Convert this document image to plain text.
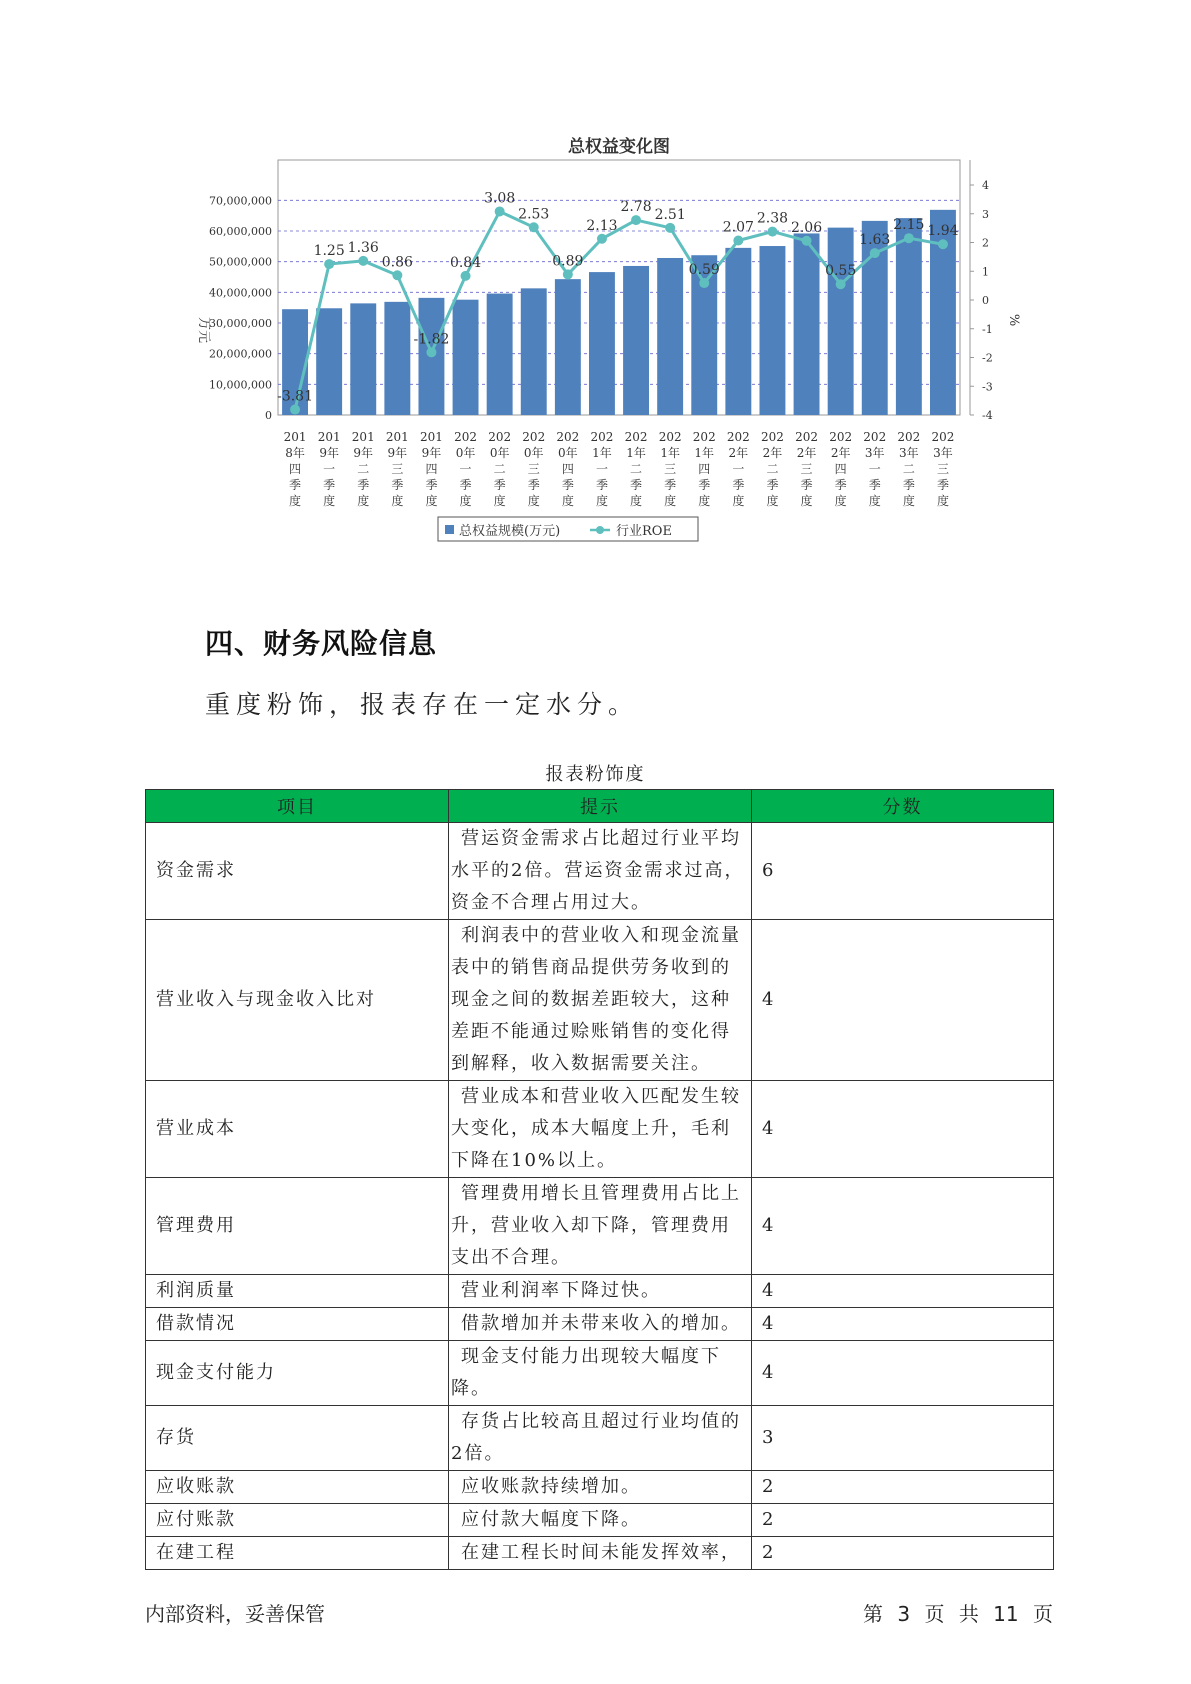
总权益变化图
0
10,000,000
20,000,000
30,000,000
40,000,000
50,000,000
60,000,000
70,000,000
-4
-3
-2
-1
0
1
2
3
4
万元	%
-3.81
1.25 1.36
0.86
-1.82
0.84
3.08
2.53
0.89
2.13
2.78 2.51
0.59
2.07
2.38
2.06
0.55
1.63
2.15 1.94
201
8年
四
季
度
201
9年
一
季
度
201
9年
二
季
度
201
9年
三
季
度
201
9年
四
季
度
202
0年
一
季
度
202
0年
二
季
度
202
0年
三
季
度
202
0年
四
季
度
202
1年
一
季
度
202
1年
二
季
度
202
1年
三
季
度
202
1年
四
季
度
202
2年
一
季
度
202
2年
二
季
度
202
2年
三
季
度
202
2年
四
季
度
202
3年
一
季
度
202
3年
二
季
度
202
3年
三
季
度
总权益规模(万元)	行业ROE
四、财务风险信息
重度粉饰，报表存在一定水分。
报表粉饰度
项目	提示	分数
资金需求	营运资金需求占比超过行业平均水平的2倍。营运资金需求过高，资金不合理占用过大。	6
营业收入与现金收入比对	利润表中的营业收入和现金流量表中的销售商品提供劳务收到的现金之间的数据差距较大，这种差距不能通过赊账销售的变化得到解释，收入数据需要关注。	4
营业成本	营业成本和营业收入匹配发生较大变化，成本大幅度上升，毛利下降在10%以上。	4
管理费用	管理费用增长且管理费用占比上升，营业收入却下降，管理费用支出不合理。	4
利润质量	营业利润率下降过快。	4
借款情况	借款增加并未带来收入的增加。	4
现金支付能力	现金支付能力出现较大幅度下降。	4
存货	存货占比较高且超过行业均值的2倍。	3
应收账款	应收账款持续增加。	2
应付账款	应付款大幅度下降。	2
在建工程	在建工程长时间未能发挥效率，	2
内部资料，妥善保管	第 3 页 共 11 页
